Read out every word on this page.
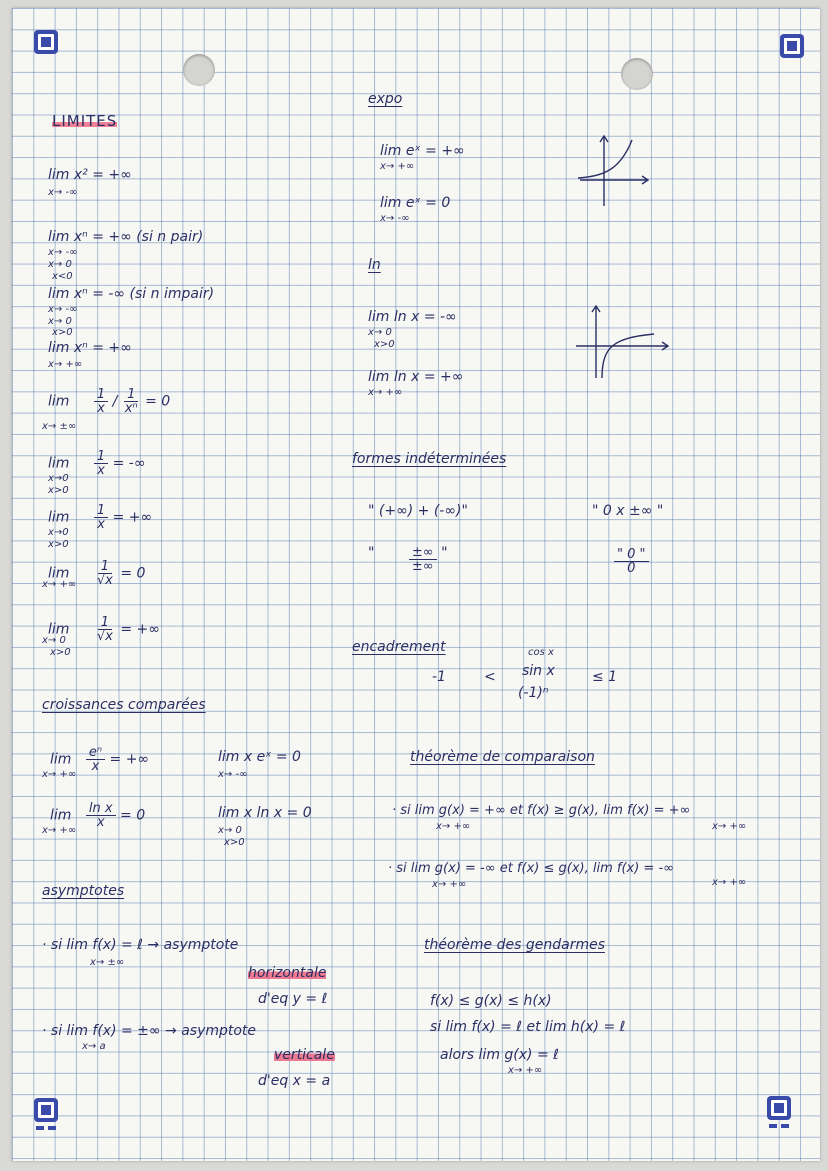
LIMITES
lim x² = +∞
x→ -∞
lim xⁿ = +∞ (si n pair)
x→ -∞
x→ 0
x<0
lim xⁿ = -∞ (si n impair)
x→ -∞
x→ 0
x>0
lim xⁿ = +∞
x→ +∞
$\lim \frac{1}{x} / \frac{1}{\text{xⁿ}} = 0$
x→ ±∞
$\lim \frac{1}{x}$ = -∞
x→0
x>0
$\lim \frac{1}{x}$ = +∞
x→0
x>0
$\lim \frac{1}{√x} = 0$
x→ +∞
$\lim \frac{1}{√x}$ = +∞
x→ 0
x>0
croissances comparées
$\lim \frac{\text{eⁿ}}{x}$ = +∞
x→ +∞
lim x eˣ = 0
x→ -∞
$\lim \frac{\text{ln x}}{x} = 0$
x→ +∞
lim x ln x = 0
x→ 0
x>0
asymptotes
· si lim f(x) = ℓ → asymptote
x→ ±∞
horizontale
d'eq y = ℓ
· si lim f(x) = ±∞ → asymptote
x→ a
verticale
d'eq x = a
expo
lim eˣ = +∞
x→ +∞
lim eˣ = 0
x→ -∞
ln
lim ln x = -∞
x→ 0
x>0
lim ln x = +∞
x→ +∞
formes indéterminées
" (+∞) + (-∞)"	" 0 x ±∞ "
"	$\frac{\pm\infty}{\pm\infty}$ "	$\frac{" 0 "}{0}$
encadrement
-1	<
cos x
sin x
(-1)ⁿ
≤ 1
théorème de comparaison
· si lim g(x) = +∞ et f(x) ≥ g(x), lim f(x) = +∞
x→ +∞	x→ +∞
· si lim g(x) = -∞ et f(x) ≤ g(x), lim f(x) = -∞
x→ +∞	x→ +∞
théorème des gendarmes
f(x) ≤ g(x) ≤ h(x)
si lim f(x) = ℓ et lim h(x) = ℓ
alors lim g(x) = ℓ
x→ +∞
